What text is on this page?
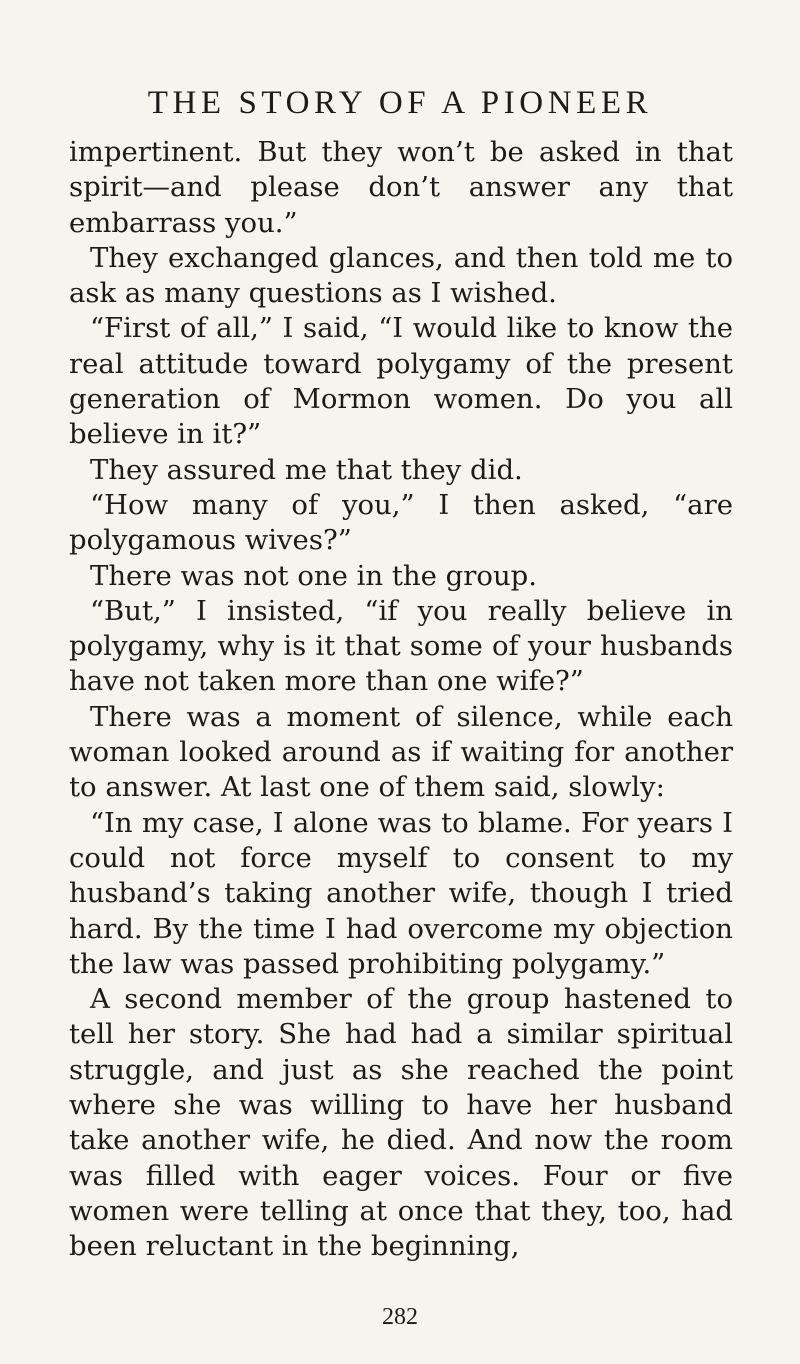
THE STORY OF A PIONEER

impertinent. But they won’t be asked in that spirit—and please don’t answer any that embarrass you.”

They exchanged glances, and then told me to ask as many questions as I wished.

“First of all,” I said, “I would like to know the real attitude toward polygamy of the present generation of Mormon women. Do you all believe in it?”

They assured me that they did.

“How many of you,” I then asked, “are polygamous wives?”

There was not one in the group.

“But,” I insisted, “if you really believe in polygamy, why is it that some of your husbands have not taken more than one wife?”

There was a moment of silence, while each woman looked around as if waiting for another to answer. At last one of them said, slowly:

“In my case, I alone was to blame. For years I could not force myself to consent to my husband’s taking another wife, though I tried hard. By the time I had overcome my objection the law was passed prohibiting polygamy.”

A second member of the group hastened to tell her story. She had had a similar spiritual struggle, and just as she reached the point where she was willing to have her husband take another wife, he died. And now the room was filled with eager voices. Four or five women were telling at once that they, too, had been reluctant in the beginning,

282
